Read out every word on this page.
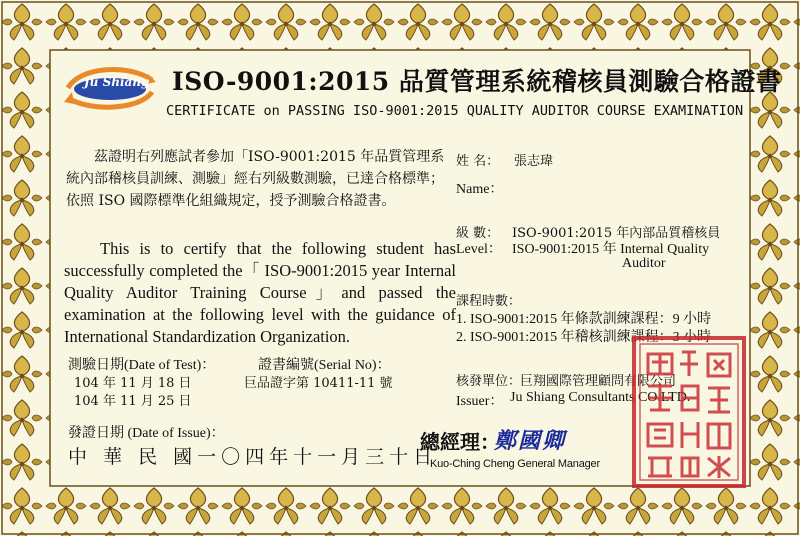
Ju Shiang ISO-9001:2015 品質管理系統稽核員測驗合格證書
CERTIFICATE on PASSING ISO-9001:2015 QUALITY AUDITOR COURSE EXAMINATION
茲證明右列應試者參加「ISO-9001:2015 年品質管理系統內部稽核員訓練、測驗」經右列級數測驗，已達合格標準；依照 ISO 國際標準化組織規定，授予測驗合格證書。
This is to certify that the following student has successfully completed the「 ISO-9001:2015 year Internal Quality Auditor Training Course」and passed the examination at the following level with the guidance of International Standardization Organization.
姓 名： 張志瑋
Name：
級 數： ISO-9001:2015 年內部品質稽核員
Level： ISO-9001:2015 年 Internal Quality
Auditor
課程時數：
1. ISO-9001:2015 年條款訓練課程：9 小時
2. ISO-9001:2015 年稽核訓練課程：3 小時
測驗日期(Date of Test)：
104 年 11 月 18 日
104 年 11 月 25 日
證書編號(Serial No)：
巨品證字第 10411-11 號	核發單位：
巨翔國際管理顧問有限公司
Issuer： Ju Shiang Consultants CO.LTD.
發證日期 (Date of Issue)：
中 華 民 國一〇四年十一月三十日
總經理：
鄭國卿
Kuo-Ching Cheng General Manager
